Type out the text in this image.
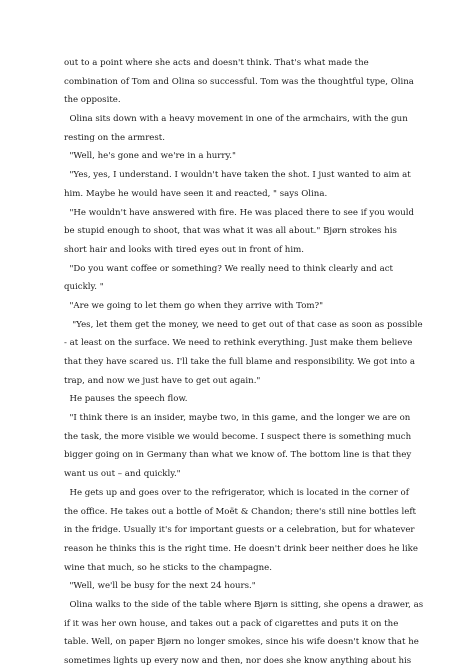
out to a point where she acts and doesn't think. That's what made the
combination of Tom and Olina so successful. Tom was the thoughtful type, Olina
the opposite.
Olina sits down with a heavy movement in one of the armchairs, with the gun
resting on the armrest.
"Well, he's gone and we're in a hurry."
"Yes, yes, I understand. I wouldn't have taken the shot. I just wanted to aim at
him. Maybe he would have seen it and reacted, " says Olina.
"He wouldn't have answered with fire. He was placed there to see if you would
be stupid enough to shoot, that was what it was all about." Bjørn strokes his
short hair and looks with tired eyes out in front of him.
"Do you want coffee or something? We really need to think clearly and act
quickly. "
"Are we going to let them go when they arrive with Tom?"
"Yes, let them get the money, we need to get out of that case as soon as possible
- at least on the surface. We need to rethink everything. Just make them believe
that they have scared us. I'll take the full blame and responsibility. We got into a
trap, and now we just have to get out again."
He pauses the speech flow.
"I think there is an insider, maybe two, in this game, and the longer we are on
the task, the more visible we would become. I suspect there is something much
bigger going on in Germany than what we know of. The bottom line is that they
want us out – and quickly."
He gets up and goes over to the refrigerator, which is located in the corner of
the office. He takes out a bottle of Moët & Chandon; there's still nine bottles left
in the fridge. Usually it's for important guests or a celebration, but for whatever
reason he thinks this is the right time. He doesn't drink beer neither does he like
wine that much, so he sticks to the champagne.
"Well, we'll be busy for the next 24 hours."
Olina walks to the side of the table where Bjørn is sitting, she opens a drawer, as
if it was her own house, and takes out a pack of cigarettes and puts it on the
table. Well, on paper Bjørn no longer smokes, since his wife doesn't know that he
sometimes lights up every now and then, nor does she know anything about his
